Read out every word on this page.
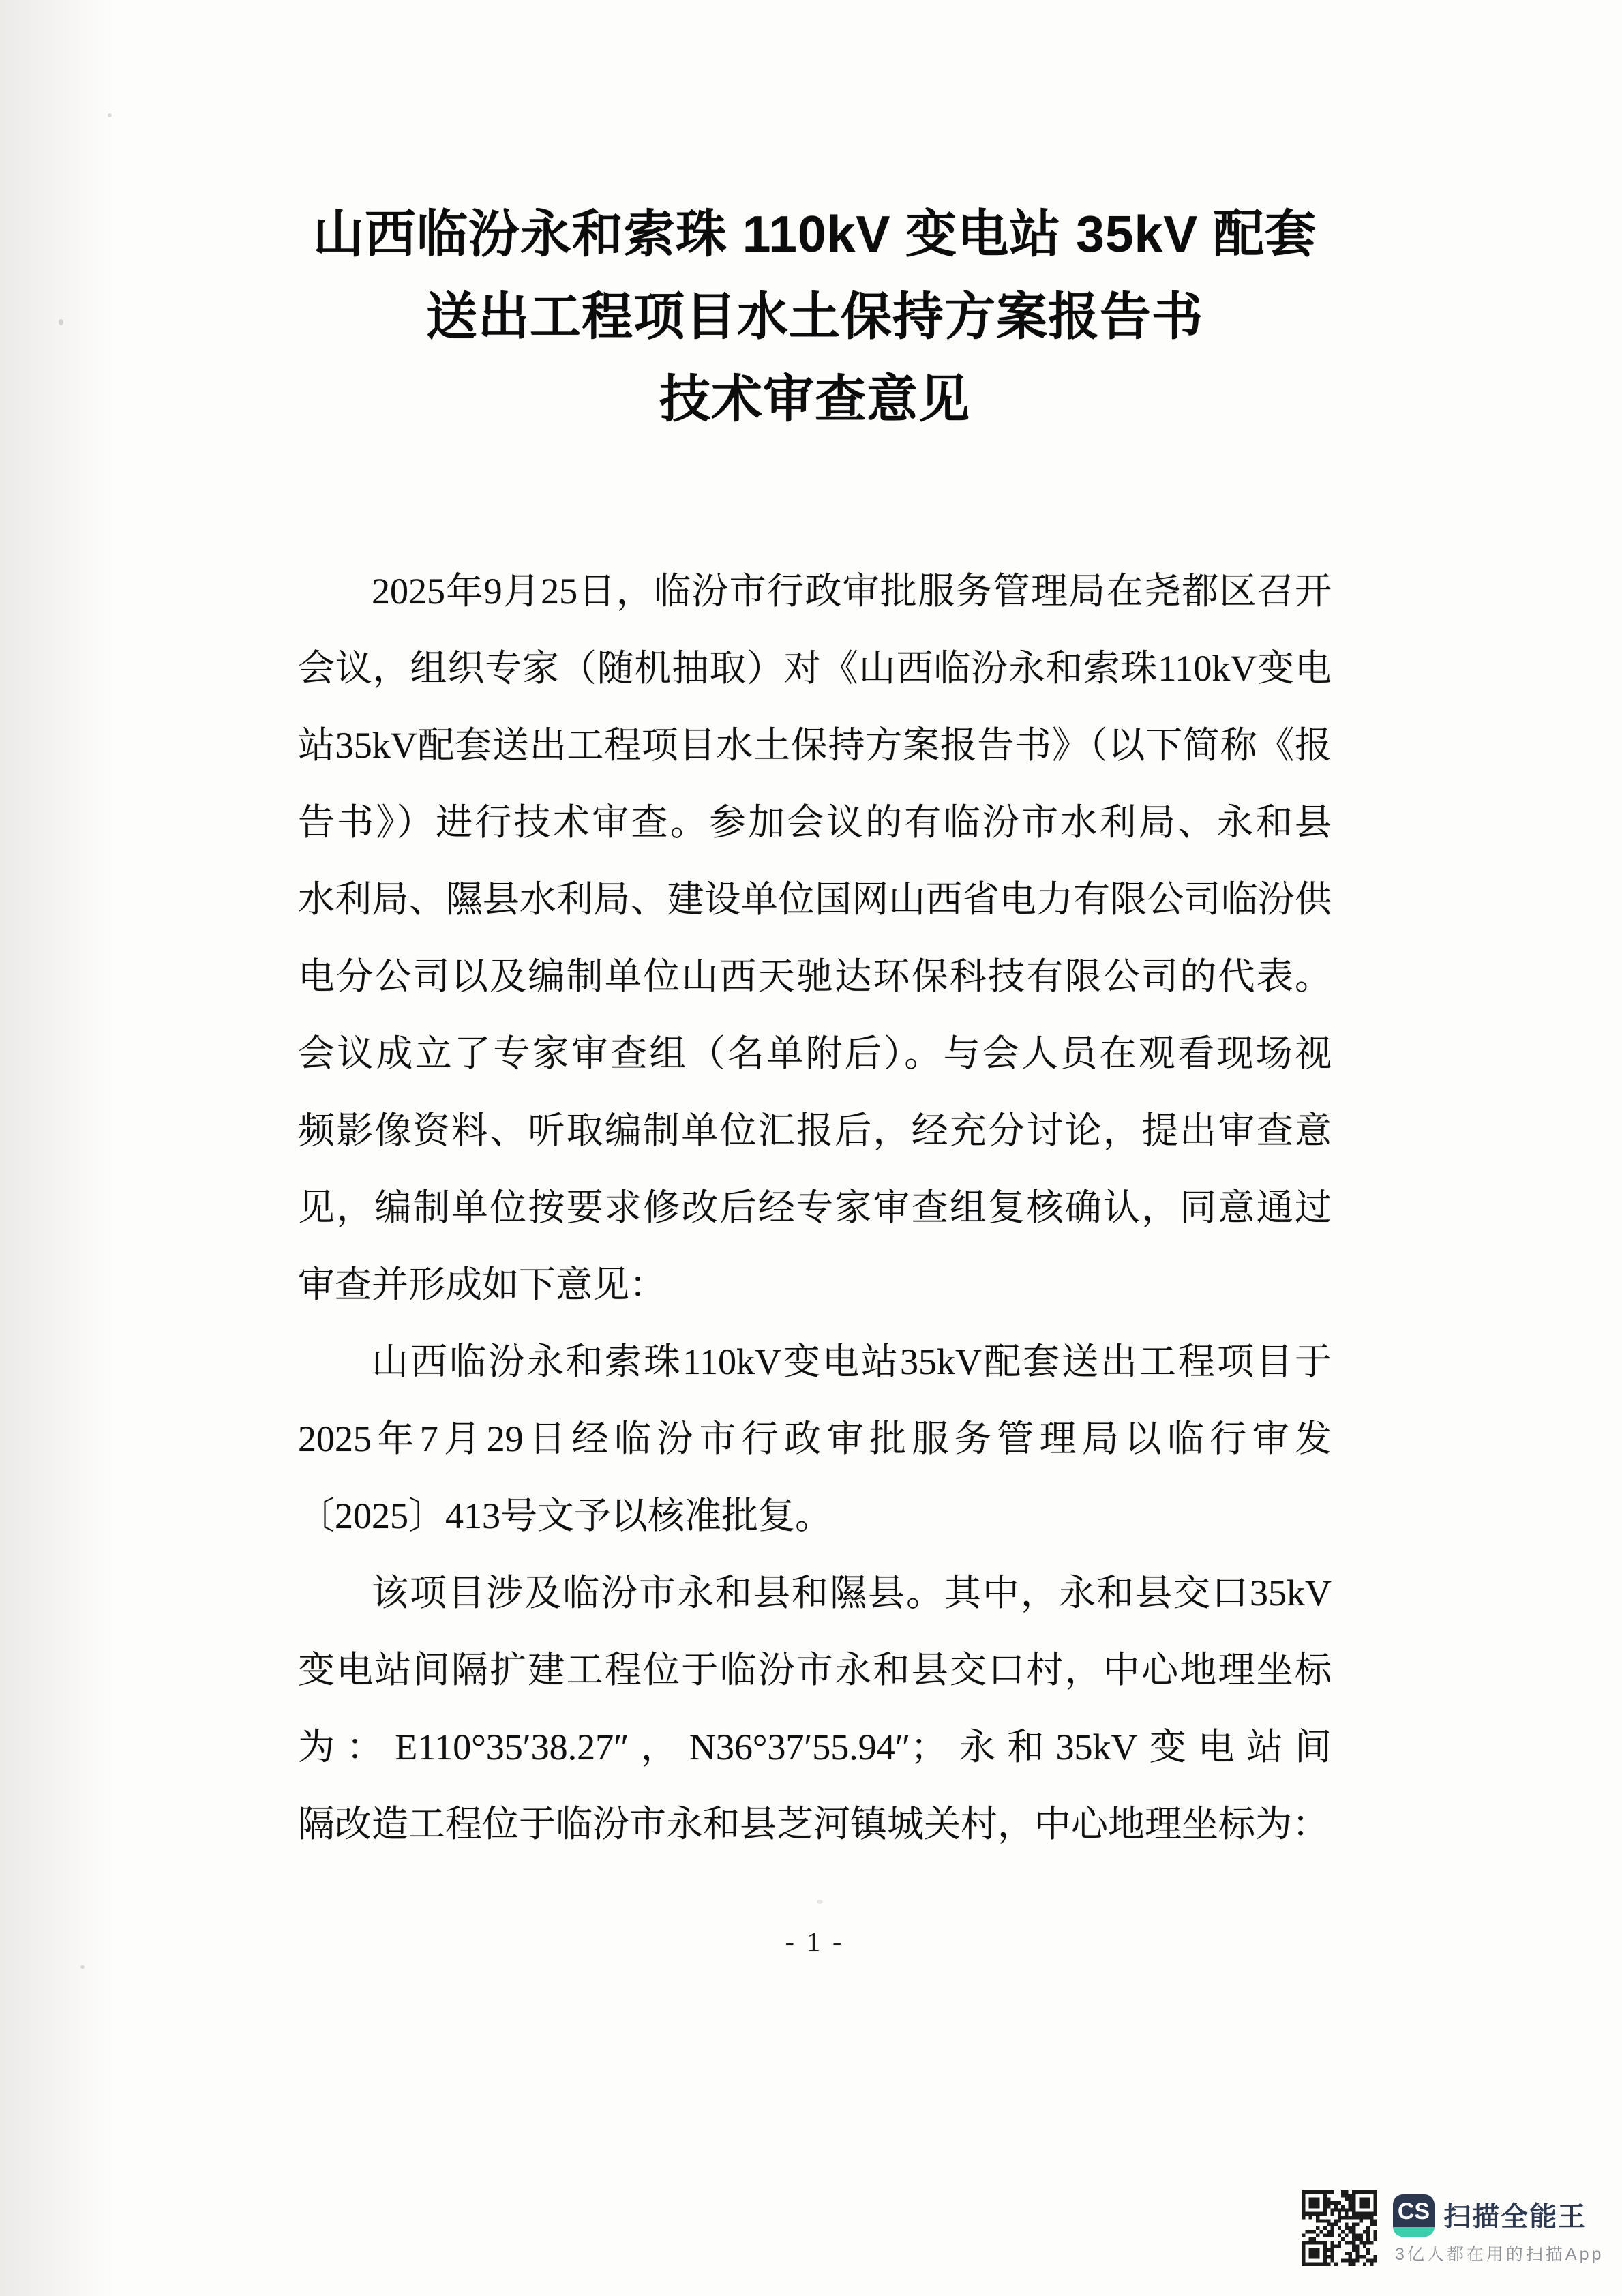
山西临汾永和索珠 110kV 变电站 35kV 配套
送出工程项目水土保持方案报告书
技术审查意见
2025年9月25日，临汾市行政审批服务管理局在尧都区召开
会议，组织专家（随机抽取）对《山西临汾永和索珠110kV变电
站35kV配套送出工程项目水土保持方案报告书》（以下简称《报
告书》）进行技术审查。参加会议的有临汾市水利局、永和县
水利局、隰县水利局、建设单位国网山西省电力有限公司临汾供
电分公司以及编制单位山西天驰达环保科技有限公司的代表。
会议成立了专家审查组（名单附后）。与会人员在观看现场视
频影像资料、听取编制单位汇报后，经充分讨论，提出审查意
见，编制单位按要求修改后经专家审查组复核确认，同意通过
审查并形成如下意见：
山西临汾永和索珠110kV变电站35kV配套送出工程项目于
2025年7月29日经临汾市行政审批服务管理局以临行审发
〔2025〕413号文予以核准批复。
该项目涉及临汾市永和县和隰县。其中，永和县交口35kV
变电站间隔扩建工程位于临汾市永和县交口村，中心地理坐标
为：E110°35′38.27″，N36°37′55.94″；永和35kV变电站间
隔改造工程位于临汾市永和县芝河镇城关村，中心地理坐标为：
- 1 -
CS 扫描全能王
3亿人都在用的扫描App
